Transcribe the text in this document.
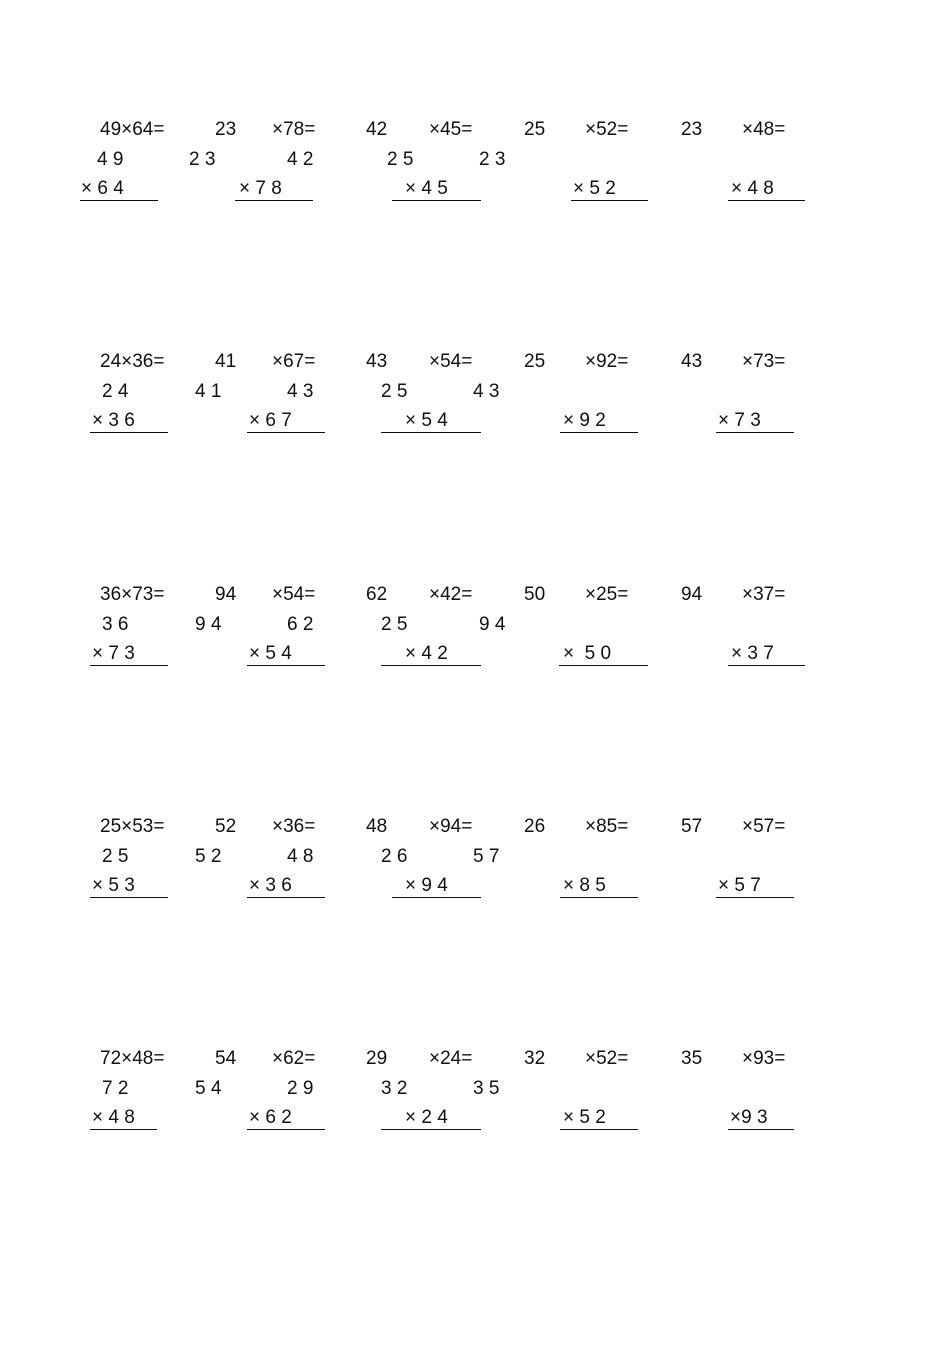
49×64=	23 ×78=	42 ×45=	25 ×52=	23 ×48=
4 9	2 3	4 2	2 5	2 3
× 6 4	× 7 8	× 4 5	× 5 2	× 4 8
24×36=	41 ×67=	43 ×54=	25 ×92=	43 ×73=
2 4	4 1	4 3	2 5	4 3
× 3 6	× 6 7	× 5 4	× 9 2	× 7 3
36×73=	94 ×54=	62 ×42=	50 ×25=	94 ×37=
3 6	9 4	6 2	2 5	9 4
× 7 3	× 5 4	× 4 2	×  5 0	× 3 7
25×53=	52 ×36=	48 ×94=	26 ×85=	57 ×57=
2 5	5 2	4 8	2 6	5 7
× 5 3	× 3 6	× 9 4	× 8 5	× 5 7
72×48=	54 ×62=	29 ×24=	32 ×52=	35 ×93=
7 2	5 4	2 9	3 2	3 5
× 4 8	× 6 2	× 2 4	× 5 2	×9 3
